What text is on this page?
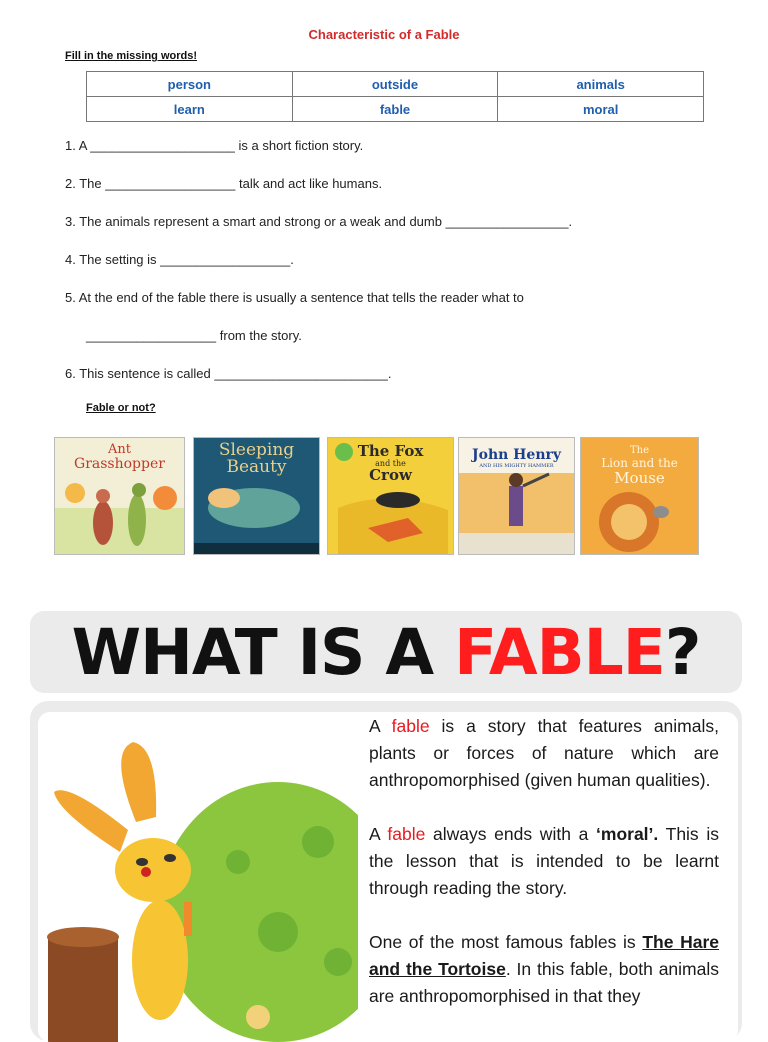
Characteristic of a Fable
Fill in the missing words!
person	outside	animals
learn	fable	moral
1. A ____________________ is a short fiction story.
2. The __________________ talk and act like humans.
3. The animals represent a smart and strong or a weak and dumb _________________.
4. The setting is __________________.
5. At the end of the fable there is usually a sentence that tells the reader what to
__________________ from the story.
6. This sentence is called ________________________.
Fable or not?
Ant
Grasshopper
Sleeping
Beauty
The Fox
and the
Crow
John Henry
AND HIS MIGHTY HAMMER
The
Lion and the
Mouse
WHAT IS A FABLE?

A fable is a story that features animals, plants or forces of nature which are anthropomorphised (given human qualities).

A fable always ends with a ‘moral’. This is the lesson that is intended to be learnt through reading the story.

One of the most famous fables is The Hare and the Tortoise. In this fable, both animals are anthropomorphised in that they
